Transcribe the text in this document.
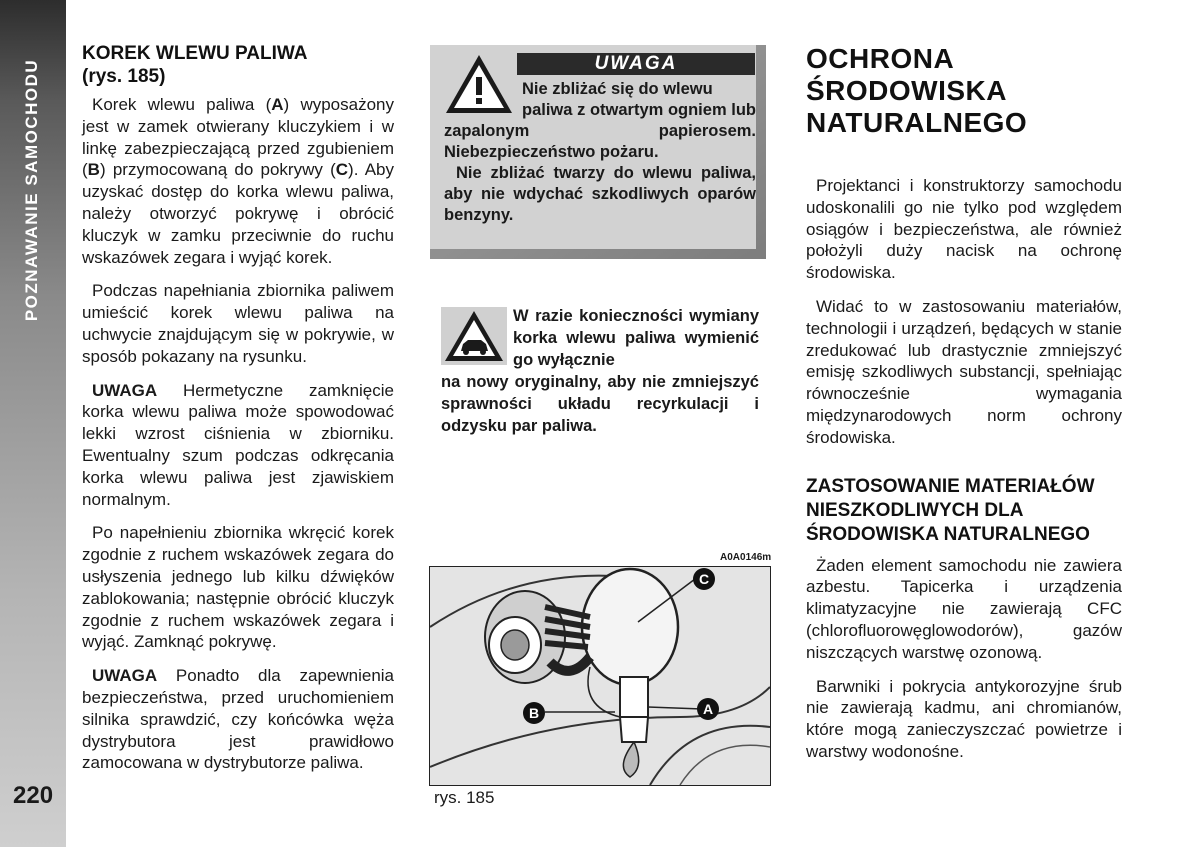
POZNAWANIE SAMOCHODU
220
KOREK WLEWU PALIWA
(rys. 185)

Korek wlewu paliwa (A) wyposażony jest w zamek otwierany kluczykiem i w linkę zabezpieczającą przed zgubieniem (B) przymocowaną do pokrywy (C). Aby uzyskać dostęp do korka wlewu paliwa, należy otworzyć pokrywę i obrócić kluczyk w zamku przeciwnie do ruchu wskazówek zegara i wyjąć korek.

Podczas napełniania zbiornika paliwem umieścić korek wlewu paliwa na uchwycie znajdującym się w pokrywie, w sposób pokazany na rysunku.

UWAGA Hermetyczne zamknięcie korka wlewu paliwa może spowodować lekki wzrost ciśnienia w zbiorniku. Ewentualny szum podczas odkręcania korka wlewu paliwa jest zjawiskiem normalnym.

Po napełnieniu zbiornika wkręcić korek zgodnie z ruchem wskazówek zegara do usłyszenia jednego lub kilku dźwięków zablokowania; następnie obrócić kluczyk zgodnie z ruchem wskazówek zegara i wyjąć. Zamknąć pokrywę.

UWAGA Ponadto dla zapewnienia bezpieczeństwa, przed uruchomieniem silnika sprawdzić, czy końcówka węża dystrybutora jest prawidłowo zamocowana w dystrybutorze paliwa.

UWAGA
Nie zbliżać się do wlewu
paliwa z otwartym ogniem lub zapalonym papierosem. Niebezpieczeństwo pożaru.
Nie zbliżać twarzy do wlewu paliwa, aby nie wdychać szkodliwych oparów benzyny.
W razie konieczności wymiany korka wlewu paliwa wymienić go wyłącznie
na nowy oryginalny, aby nie zmniejszyć sprawności układu recyrkulacji i odzysku par paliwa.
A0A0146m
C
A
B
rys. 185
OCHRONA
ŚRODOWISKA
NATURALNEGO

Projektanci i konstruktorzy samochodu udoskonalili go nie tylko pod względem osiągów i bezpieczeństwa, ale również położyli duży nacisk na ochronę środowiska.

Widać to w zastosowaniu materiałów, technologii i urządzeń, będących w stanie zredukować lub drastycznie zmniejszyć emisję szkodliwych substancji, spełniając równocześnie wymagania międzynarodowych norm ochrony środowiska.

ZASTOSOWANIE MATERIAŁÓW
NIESZKODLIWYCH DLA
ŚRODOWISKA NATURALNEGO

Żaden element samochodu nie zawiera azbestu. Tapicerka i urządzenia klimatyzacyjne nie zawierają CFC (chlorofluorowęglowodorów), gazów niszczących warstwę ozonową.

Barwniki i pokrycia antykorozyjne śrub nie zawierają kadmu, ani chromianów, które mogą zanieczyszczać powietrze i warstwy wodonośne.
